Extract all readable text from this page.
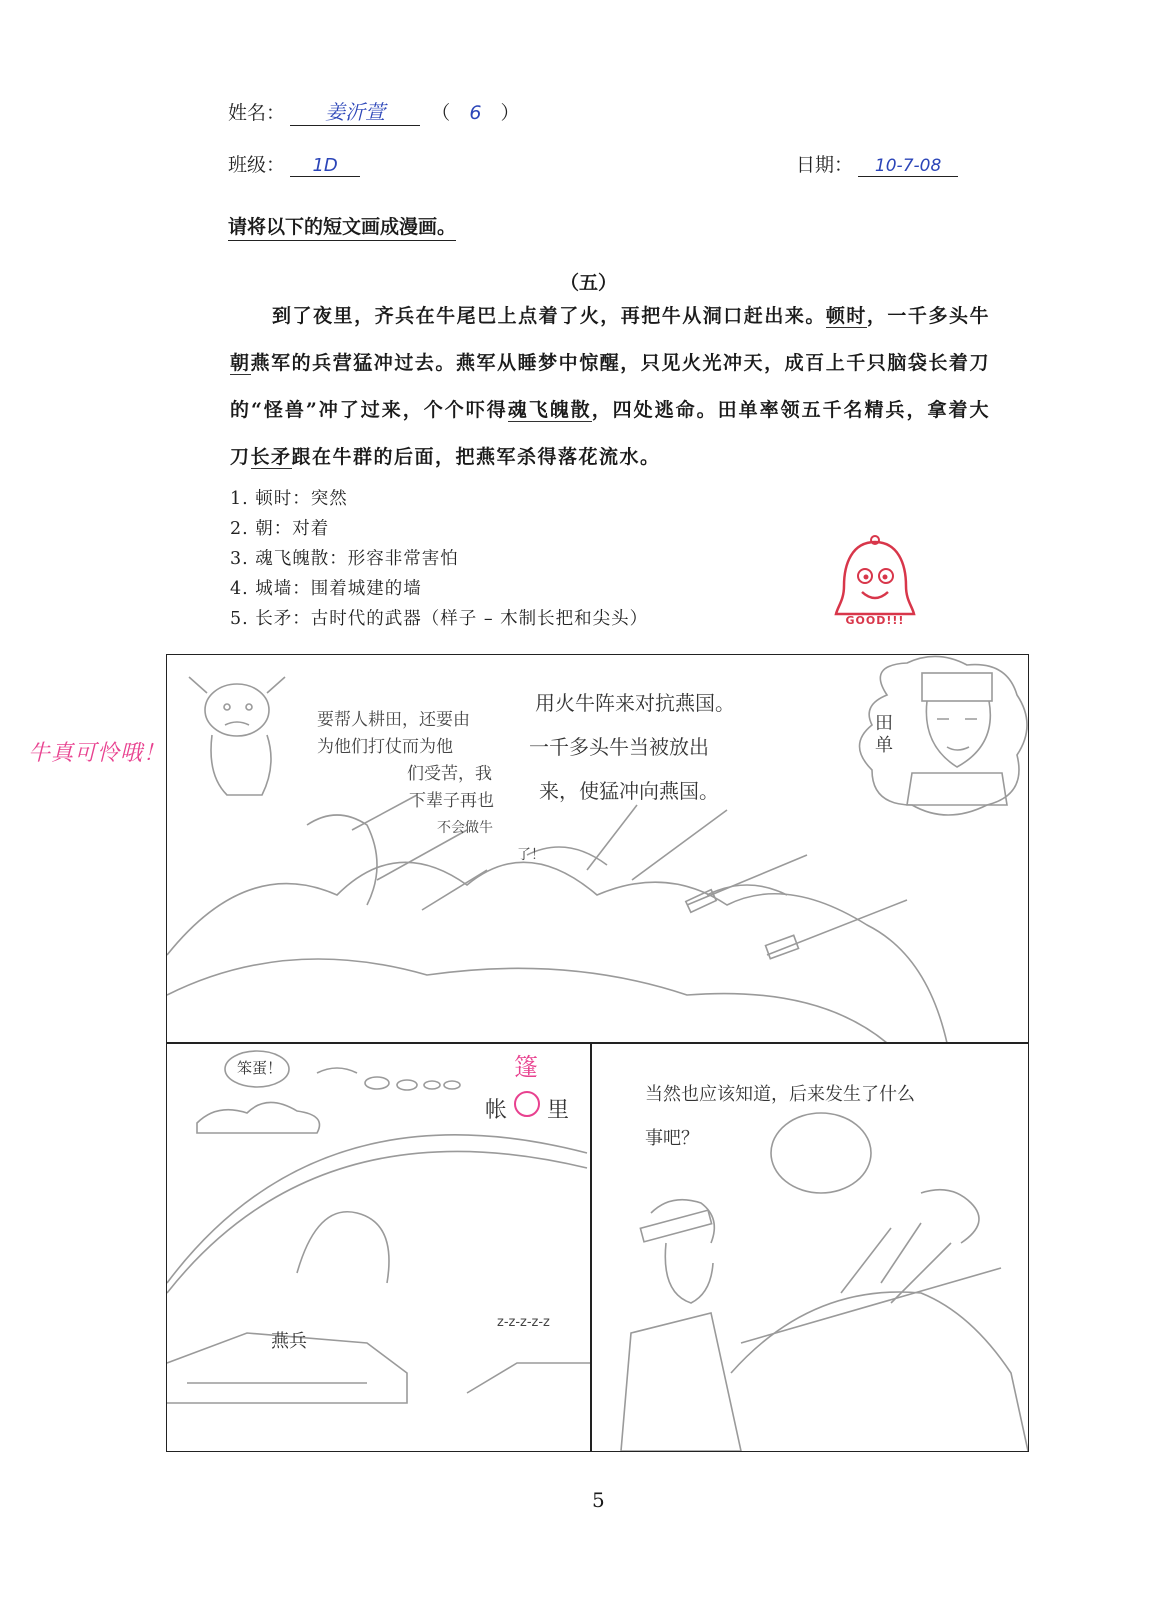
姓名： 姜沂萱 （ 6 ）
班级： 1D	日期： 10-7-08
请将以下的短文画成漫画。
（五）
到了夜里，齐兵在牛尾巴上点着了火，再把牛从洞口赶出来。顿时，一千多头牛朝燕军的兵营猛冲过去。燕军从睡梦中惊醒，只见火光冲天，成百上千只脑袋长着刀的“怪兽”冲了过来，个个吓得魂飞魄散，四处逃命。田单率领五千名精兵，拿着大刀长矛跟在牛群的后面，把燕军杀得落花流水。
1. 顿时：突然
2. 朝：对着
3. 魂飞魄散：形容非常害怕
4. 城墙：围着城建的墙
5. 长矛：古时代的武器（样子 – 木制长把和尖头）	GOOD!!!
牛真可怜哦！
要帮人耕田，还要由
为他们打仗而为他
们受苦，我
下辈子再也
不会做牛
了！
用火牛阵来对抗燕国。
一千多头牛当被放出
来，使猛冲向燕国。
田单
笨蛋！
帐
篷
里
燕兵
z-z-z-z-z
当然也应该知道，后来发生了什么
事吧？
5
